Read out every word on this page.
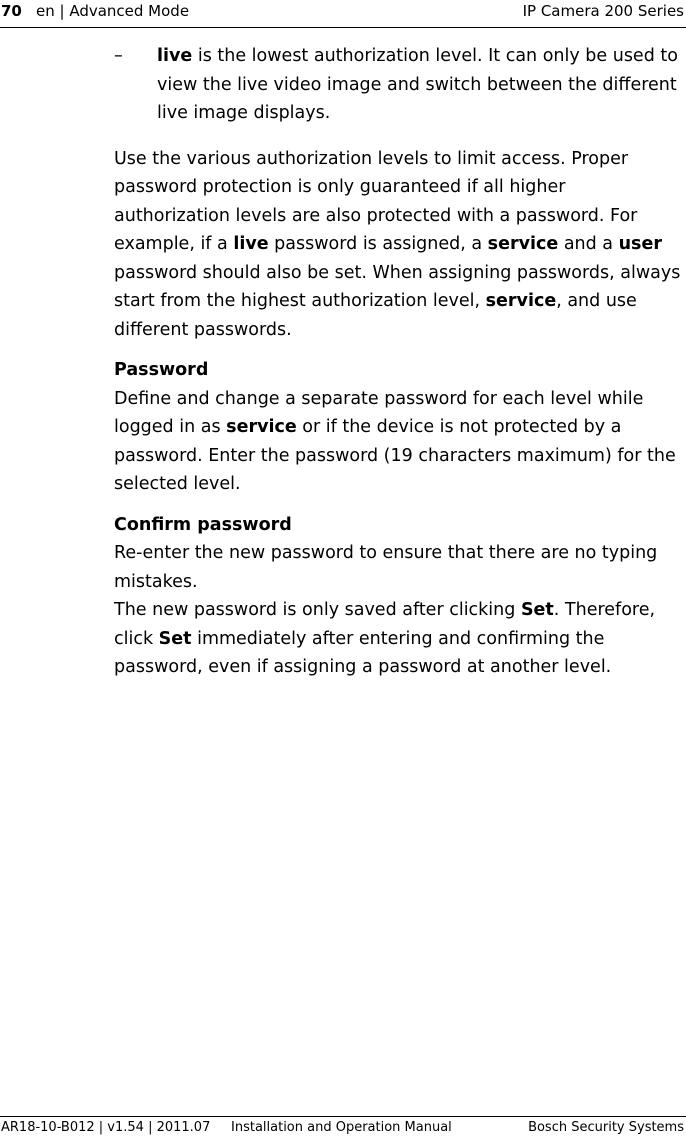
70 en | Advanced Mode	IP Camera 200 Series

– live is the lowest authorization level. It can only be used to view the live video image and switch between the different live image displays.

Use the various authorization levels to limit access. Proper password protection is only guaranteed if all higher authorization levels are also protected with a password. For example, if a live password is assigned, a service and a user password should also be set. When assigning passwords, always start from the highest authorization level, service, and use different passwords.

Password

Define and change a separate password for each level while logged in as service or if the device is not protected by a password. Enter the password (19 characters maximum) for the selected level.

Confirm password

Re-enter the new password to ensure that there are no typing mistakes.

The new password is only saved after clicking Set. Therefore, click Set immediately after entering and confirming the password, even if assigning a password at another level.

AR18-10-B012 | v1.54 | 2011.07 Installation and Operation Manual	Bosch Security Systems
